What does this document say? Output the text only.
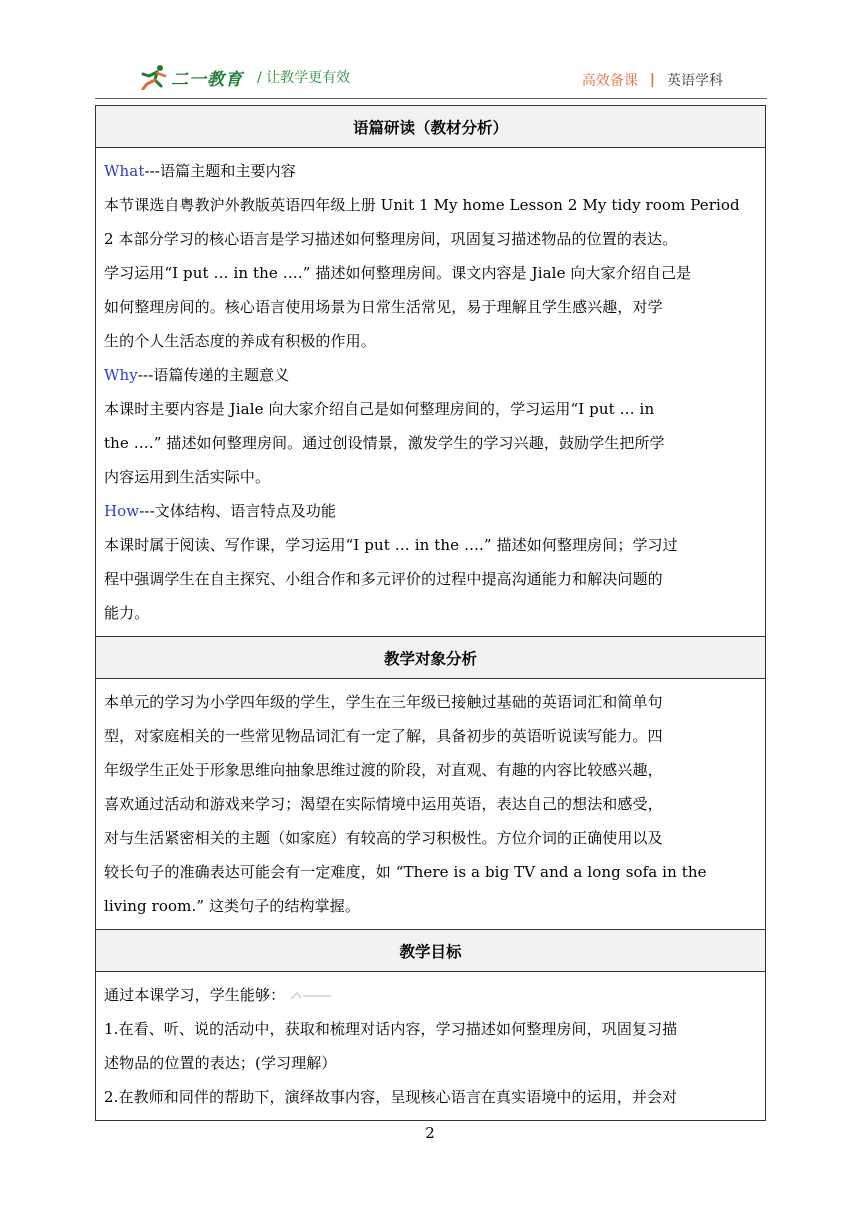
二一教育 / 让教学更有效	高效备课 | 英语学科
语篇研读（教材分析）
What---语篇主题和主要内容
本节课选自粤教沪外教版英语四年级上册 Unit 1 My home Lesson 2 My tidy room Period
2 本部分学习的核心语言是学习描述如何整理房间，巩固复习描述物品的位置的表达。
学习运用“I put … in the ….” 描述如何整理房间。课文内容是 Jiale 向大家介绍自己是
如何整理房间的。核心语言使用场景为日常生活常见，易于理解且学生感兴趣，对学
生的个人生活态度的养成有积极的作用。
Why---语篇传递的主题意义
本课时主要内容是 Jiale 向大家介绍自己是如何整理房间的，学习运用“I put … in
the ….” 描述如何整理房间。通过创设情景，激发学生的学习兴趣，鼓励学生把所学
内容运用到生活实际中。
How---文体结构、语言特点及功能
本课时属于阅读、写作课，学习运用“I put … in the ….” 描述如何整理房间；学习过
程中强调学生在自主探究、小组合作和多元评价的过程中提高沟通能力和解决问题的
能力。
教学对象分析
本单元的学习为小学四年级的学生，学生在三年级已接触过基础的英语词汇和简单句
型，对家庭相关的一些常见物品词汇有一定了解，具备初步的英语听说读写能力。四
年级学生正处于形象思维向抽象思维过渡的阶段，对直观、有趣的内容比较感兴趣，
喜欢通过活动和游戏来学习；渴望在实际情境中运用英语，表达自己的想法和感受，
对与生活紧密相关的主题（如家庭）有较高的学习积极性。方位介词的正确使用以及
较长句子的准确表达可能会有一定难度，如 “There is a big TV and a long sofa in the
living room.” 这类句子的结构掌握。
教学目标
通过本课学习，学生能够：
1.在看、听、说的活动中，获取和梳理对话内容，学习描述如何整理房间，巩固复习描
述物品的位置的表达；(学习理解）
2.在教师和同伴的帮助下，演绎故事内容，呈现核心语言在真实语境中的运用，并会对
2
